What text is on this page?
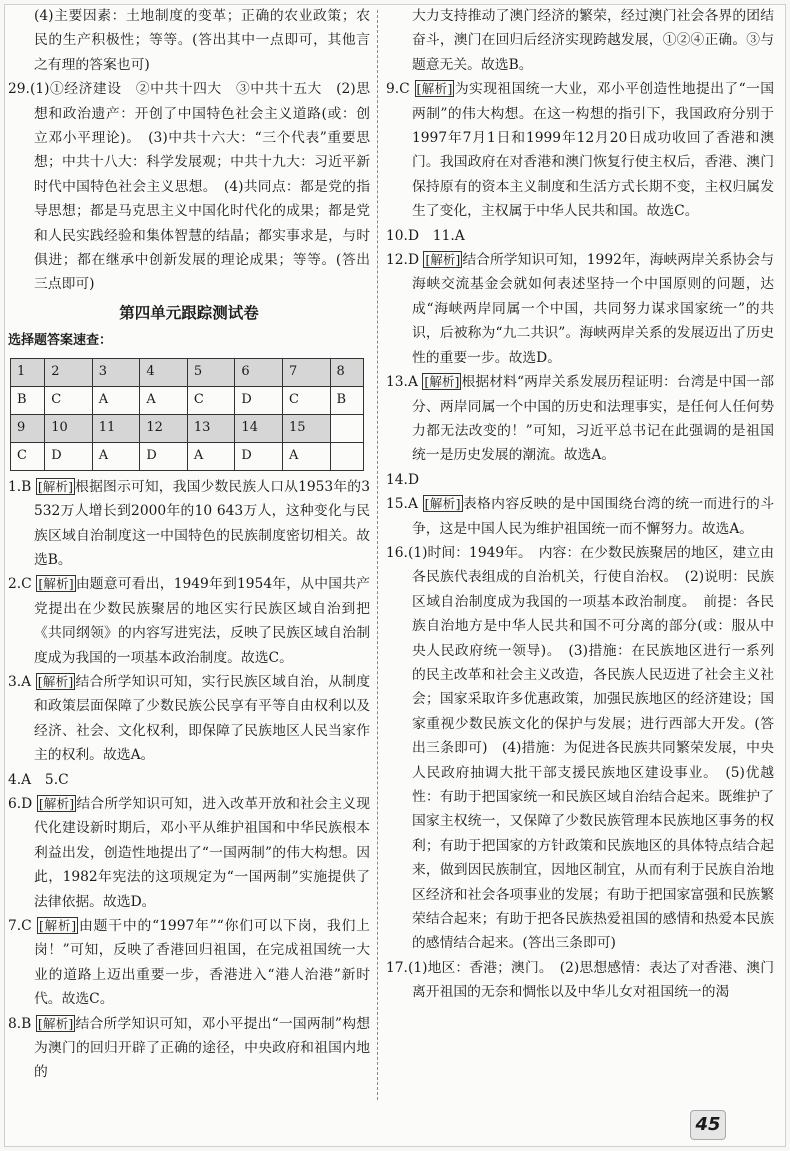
(4)主要因素：土地制度的变革；正确的农业政策；农民的生产积极性；等等。(答出其中一点即可，其他言之有理的答案也可)

29.(1)①经济建设　②中共十四大　③中共十五大　(2)思想和政治遗产：开创了中国特色社会主义道路(或：创立邓小平理论)。　(3)中共十六大：“三个代表”重要思想；中共十八大：科学发展观；中共十九大：习近平新时代中国特色社会主义思想。　(4)共同点：都是党的指导思想；都是马克思主义中国化时代化的成果；都是党和人民实践经验和集体智慧的结晶；都实事求是，与时俱进；都在继承中创新发展的理论成果；等等。(答出三点即可)

第四单元跟踪测试卷
选择题答案速查：
1	2	3	4	5	6	7	8
B	C	A	A	C	D	C	B
9	10	11	12	13	14	15	
C	D	A	D	A	D	A	

1.B [解析] 根据图示可知，我国少数民族人口从1953年的3 532万人增长到2000年的10 643万人，这种变化与民族区域自治制度这一中国特色的民族制度密切相关。故选B。

2.C [解析] 由题意可看出，1949年到1954年，从中国共产党提出在少数民族聚居的地区实行民族区域自治到把《共同纲领》的内容写进宪法，反映了民族区域自治制度成为我国的一项基本政治制度。故选C。

3.A [解析] 结合所学知识可知，实行民族区域自治，从制度和政策层面保障了少数民族公民享有平等自由权利以及经济、社会、文化权利，即保障了民族地区人民当家作主的权利。故选A。

4.A　5.C

6.D [解析] 结合所学知识可知，进入改革开放和社会主义现代化建设新时期后，邓小平从维护祖国和中华民族根本利益出发，创造性地提出了“一国两制”的伟大构想。因此，1982年宪法的这项规定为“一国两制”实施提供了法律依据。故选D。

7.C [解析] 由题干中的“1997年”“你们可以下岗，我们上岗！”可知，反映了香港回归祖国，在完成祖国统一大业的道路上迈出重要一步，香港进入“港人治港”新时代。故选C。

8.B [解析] 结合所学知识可知，邓小平提出“一国两制”构想为澳门的回归开辟了正确的途径，中央政府和祖国内地的

大力支持推动了澳门经济的繁荣，经过澳门社会各界的团结奋斗，澳门在回归后经济实现跨越发展，①②④正确。③与题意无关。故选B。

9.C [解析] 为实现祖国统一大业，邓小平创造性地提出了“一国两制”的伟大构想。在这一构想的指引下，我国政府分别于1997年7月1日和1999年12月20日成功收回了香港和澳门。我国政府在对香港和澳门恢复行使主权后，香港、澳门保持原有的资本主义制度和生活方式长期不变，主权归属发生了变化，主权属于中华人民共和国。故选C。

10.D　11.A

12.D [解析] 结合所学知识可知，1992年，海峡两岸关系协会与海峡交流基金会就如何表述坚持一个中国原则的问题，达成“海峡两岸同属一个中国，共同努力谋求国家统一”的共识，后被称为“九二共识”。海峡两岸关系的发展迈出了历史性的重要一步。故选D。

13.A [解析] 根据材料“两岸关系发展历程证明：台湾是中国一部分、两岸同属一个中国的历史和法理事实，是任何人任何势力都无法改变的！”可知，习近平总书记在此强调的是祖国统一是历史发展的潮流。故选A。

14.D

15.A [解析] 表格内容反映的是中国围绕台湾的统一而进行的斗争，这是中国人民为维护祖国统一而不懈努力。故选A。

16.(1)时间：1949年。　内容：在少数民族聚居的地区，建立由各民族代表组成的自治机关，行使自治权。　(2)说明：民族区域自治制度成为我国的一项基本政治制度。　前提：各民族自治地方是中华人民共和国不可分离的部分(或：服从中央人民政府统一领导)。　(3)措施：在民族地区进行一系列的民主改革和社会主义改造，各民族人民迈进了社会主义社会；国家采取许多优惠政策，加强民族地区的经济建设；国家重视少数民族文化的保护与发展；进行西部大开发。(答出三条即可)　(4)措施：为促进各民族共同繁荣发展，中央人民政府抽调大批干部支援民族地区建设事业。　(5)优越性：有助于把国家统一和民族区域自治结合起来。既维护了国家主权统一，又保障了少数民族管理本民族地区事务的权利；有助于把国家的方针政策和民族地区的具体特点结合起来，做到因民族制宜，因地区制宜，从而有利于民族自治地区经济和社会各项事业的发展；有助于把国家富强和民族繁荣结合起来；有助于把各民族热爱祖国的感情和热爱本民族的感情结合起来。(答出三条即可)

17.(1)地区：香港；澳门。　(2)思想感情：表达了对香港、澳门离开祖国的无奈和惆怅以及中华儿女对祖国统一的渴

45
